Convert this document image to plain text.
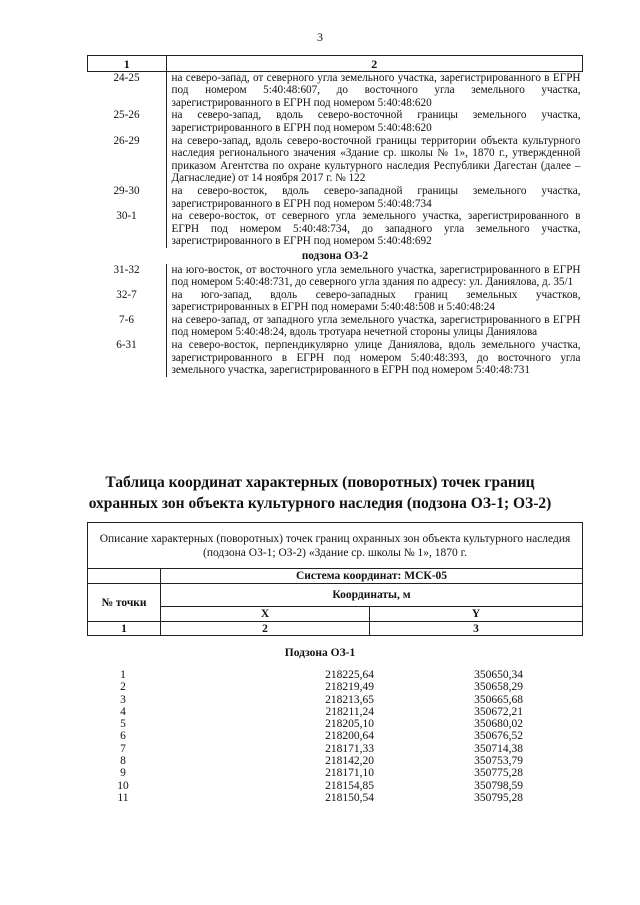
3
1	2
24-25	на северо-запад, от северного угла земельного участка, зарегистрированного в ЕГРН под номером 5:40:48:607, до восточного угла земельного участка, зарегистрированного в ЕГРН под номером 5:40:48:620
25-26	на северо-запад, вдоль северо-восточной границы земельного участка, зарегистрированного в ЕГРН под номером 5:40:48:620
26-29	на северо-запад, вдоль северо-восточной границы территории объекта культурного наследия регионального значения «Здание ср. школы № 1», 1870 г., утвержденной приказом Агентства по охране культурного наследия Республики Дагестан (далее – Дагнаследие) от 14 ноября 2017 г. № 122
29-30	на северо-восток, вдоль северо-западной границы земельного участка, зарегистрированного в ЕГРН под номером 5:40:48:734
30-1	на северо-восток, от северного угла земельного участка, зарегистрированного в ЕГРН под номером 5:40:48:734, до западного угла земельного участка, зарегистрированного в ЕГРН под номером 5:40:48:692
подзона ОЗ-2	
31-32	на юго-восток, от восточного угла земельного участка, зарегистрированного в ЕГРН под номером 5:40:48:731, до северного угла здания по адресу: ул. Даниялова, д. 35/1
32-7	на юго-запад, вдоль северо-западных границ земельных участков, зарегистрированных в ЕГРН под номерами 5:40:48:508 и 5:40:48:24
7-6	на северо-запад, от западного угла земельного участка, зарегистрированного в ЕГРН под номером 5:40:48:24, вдоль тротуара нечетной стороны улицы Даниялова
6-31	на северо-восток, перпендикулярно улице Даниялова, вдоль земельного участка, зарегистрированного в ЕГРН под номером 5:40:48:393, до восточного угла земельного участка, зарегистрированного в ЕГРН под номером 5:40:48:731
Таблица координат характерных (поворотных) точек границ
охранных зон объекта культурного наследия (подзона ОЗ-1; ОЗ-2)
Описание характерных (поворотных) точек границ охранных зон объекта культурного наследия (подзона ОЗ-1; ОЗ-2) «Здание ср. школы № 1», 1870 г.		
	Система координат: МСК-05	
№ точки	Координаты, м	
	X	Y
1	2	3
Подзона ОЗ-1
1	218225,64	350650,34
2	218219,49	350658,29
3	218213,65	350665,68
4	218211,24	350672,21
5	218205,10	350680,02
6	218200,64	350676,52
7	218171,33	350714,38
8	218142,20	350753,79
9	218171,10	350775,28
10	218154,85	350798,59
11	218150,54	350795,28
